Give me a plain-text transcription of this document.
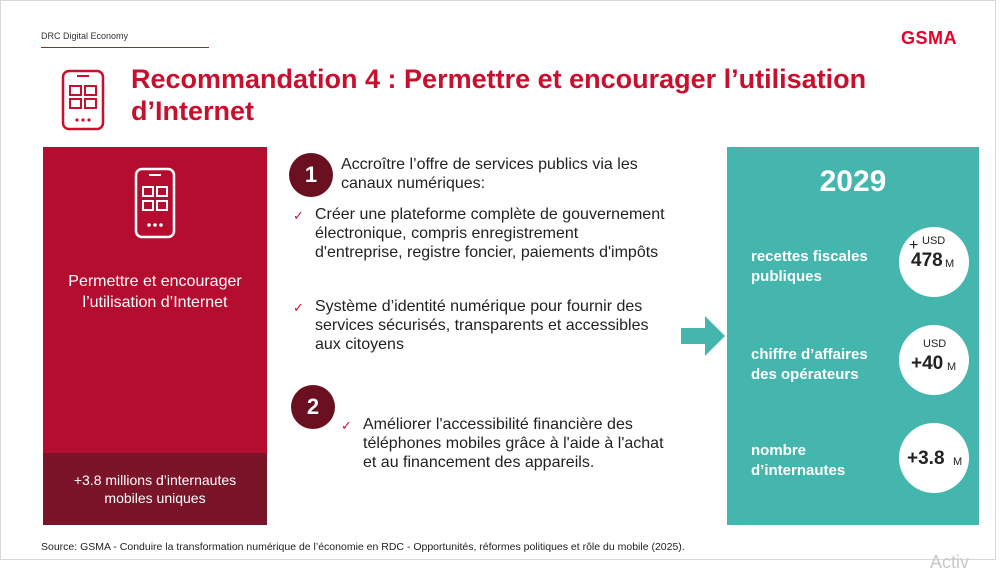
DRC Digital Economy	GSMA
Recommandation 4 : Permettre et encourager l’utilisation d’Internet
Permettre et encourager l’utilisation d’Internet
+3.8 millions d’internautes mobiles uniques
1	Accroître l’offre de services publics via les canaux numériques:
✓ Créer une plateforme complète de gouvernement électronique, compris enregistrement d'entreprise, registre foncier, paiements d'impôts
✓ Système d’identité numérique pour fournir des services sécurisés, transparents et accessibles aux citoyens
2
✓ Améliorer l'accessibilité financière des téléphones mobiles grâce à l'aide à l'achat et au financement des appareils.
2029
recettes fiscales publiques
+ USD
478 M
chiffre d’affaires des opérateurs
USD
+40 M
nombre d’internautes
+3.8 M
Source: GSMA - Conduire la transformation numérique de l’économie en RDC - Opportunités, réformes politiques et rôle du mobile (2025).
Activ
